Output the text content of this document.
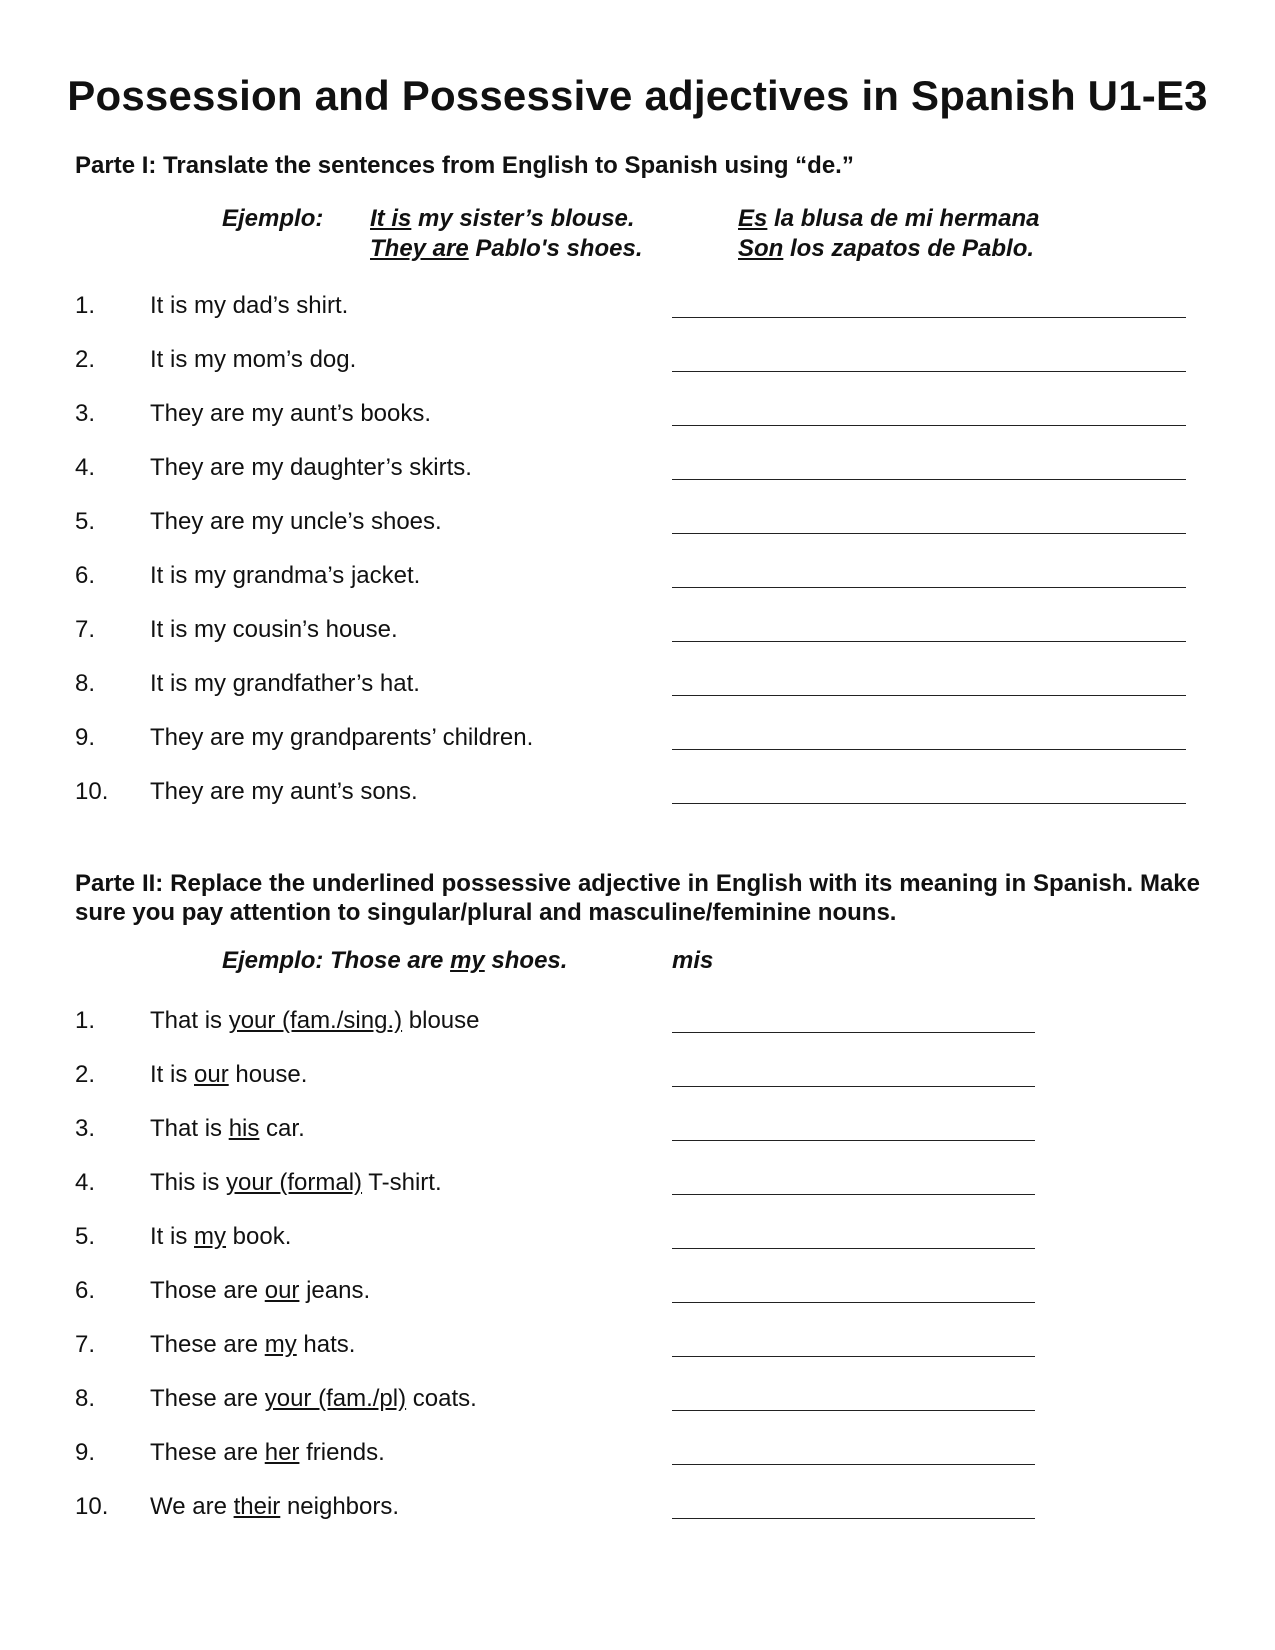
Possession and Possessive adjectives in Spanish U1-E3

Parte I: Translate the sentences from English to Spanish using “de.”

Ejemplo: It is my sister’s blouse.
They are Pablo's shoes.
Es la blusa de mi hermana
Son los zapatos de Pablo.
1. It is my dad’s shirt.
2. It is my mom’s dog.
3. They are my aunt’s books.
4. They are my daughter’s skirts.
5. They are my uncle’s shoes.
6. It is my grandma’s jacket.
7. It is my cousin’s house.
8. It is my grandfather’s hat.
9. They are my grandparents’ children.
10. They are my aunt’s sons.

Parte II: Replace the underlined possessive adjective in English with its meaning in Spanish. Make sure you pay attention to singular/plural and masculine/feminine nouns.

Ejemplo: Those are my shoes.	mis
1. That is your (fam./sing.) blouse
2. It is our house.
3. That is his car.
4. This is your (formal) T-shirt.
5. It is my book.
6. Those are our jeans.
7. These are my hats.
8. These are your (fam./pl) coats.
9. These are her friends.
10. We are their neighbors.
